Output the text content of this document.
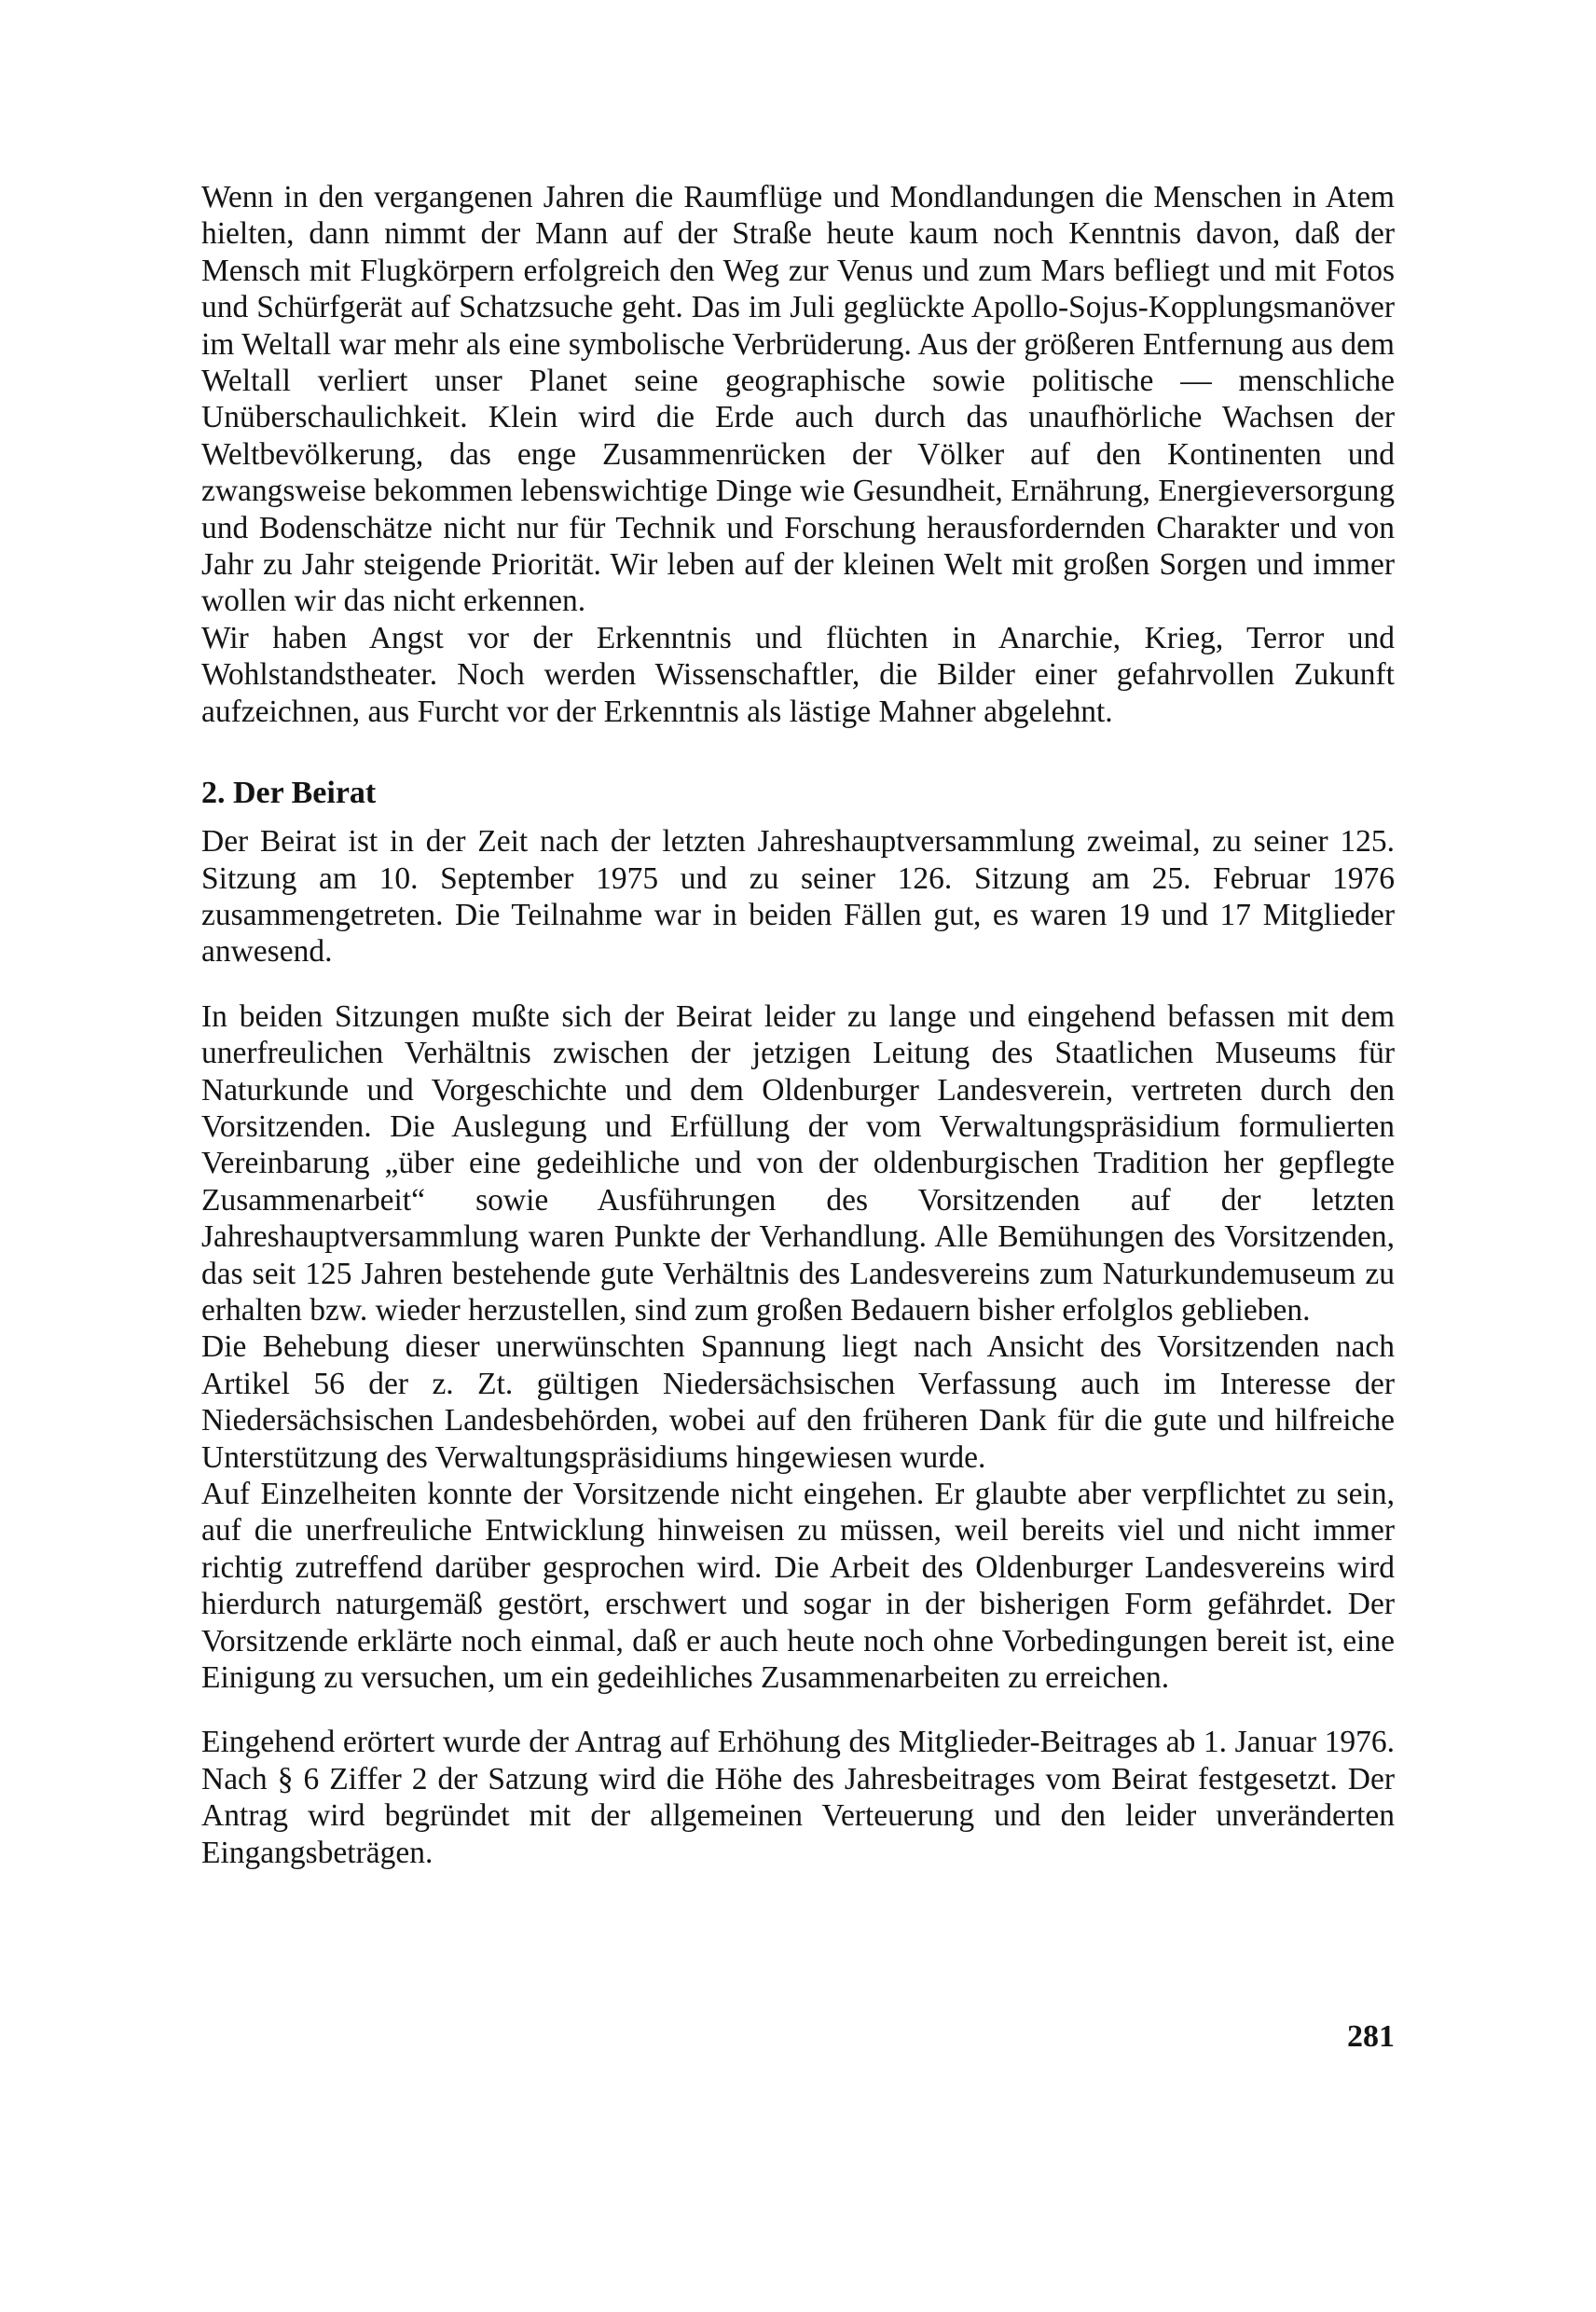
Wenn in den vergangenen Jahren die Raumflüge und Mondlandungen die Menschen in Atem hielten, dann nimmt der Mann auf der Straße heute kaum noch Kenntnis davon, daß der Mensch mit Flugkörpern erfolgreich den Weg zur Venus und zum Mars befliegt und mit Fotos und Schürfgerät auf Schatzsuche geht. Das im Juli geglückte Apollo-Sojus-Kopplungsmanöver im Weltall war mehr als eine symbolische Verbrüderung. Aus der größeren Entfernung aus dem Weltall verliert unser Planet seine geographische sowie politische — menschliche Unüberschaulichkeit. Klein wird die Erde auch durch das unaufhörliche Wachsen der Weltbevölkerung, das enge Zusammenrücken der Völker auf den Kontinenten und zwangsweise bekommen lebenswichtige Dinge wie Gesundheit, Ernährung, Energieversorgung und Bodenschätze nicht nur für Technik und Forschung herausfordernden Charakter und von Jahr zu Jahr steigende Priorität. Wir leben auf der kleinen Welt mit großen Sorgen und immer wollen wir das nicht erkennen.

Wir haben Angst vor der Erkenntnis und flüchten in Anarchie, Krieg, Terror und Wohlstandstheater. Noch werden Wissenschaftler, die Bilder einer gefahrvollen Zukunft aufzeichnen, aus Furcht vor der Erkenntnis als lästige Mahner abgelehnt.

2. Der Beirat

Der Beirat ist in der Zeit nach der letzten Jahreshauptversammlung zweimal, zu seiner 125. Sitzung am 10. September 1975 und zu seiner 126. Sitzung am 25. Februar 1976 zusammengetreten. Die Teilnahme war in beiden Fällen gut, es waren 19 und 17 Mitglieder anwesend.

In beiden Sitzungen mußte sich der Beirat leider zu lange und eingehend befassen mit dem unerfreulichen Verhältnis zwischen der jetzigen Leitung des Staatlichen Museums für Naturkunde und Vorgeschichte und dem Oldenburger Landesverein, vertreten durch den Vorsitzenden. Die Auslegung und Erfüllung der vom Verwaltungspräsidium formulierten Vereinbarung „über eine gedeihliche und von der oldenburgischen Tradition her gepflegte Zusammenarbeit“ sowie Ausführungen des Vorsitzenden auf der letzten Jahreshauptversammlung waren Punkte der Verhandlung. Alle Bemühungen des Vorsitzenden, das seit 125 Jahren bestehende gute Verhältnis des Landesvereins zum Naturkundemuseum zu erhalten bzw. wieder herzustellen, sind zum großen Bedauern bisher erfolglos geblieben.

Die Behebung dieser unerwünschten Spannung liegt nach Ansicht des Vorsitzenden nach Artikel 56 der z. Zt. gültigen Niedersächsischen Verfassung auch im Interesse der Niedersächsischen Landesbehörden, wobei auf den früheren Dank für die gute und hilfreiche Unterstützung des Verwaltungspräsidiums hingewiesen wurde.

Auf Einzelheiten konnte der Vorsitzende nicht eingehen. Er glaubte aber verpflichtet zu sein, auf die unerfreuliche Entwicklung hinweisen zu müssen, weil bereits viel und nicht immer richtig zutreffend darüber gesprochen wird. Die Arbeit des Oldenburger Landesvereins wird hierdurch naturgemäß gestört, erschwert und sogar in der bisherigen Form gefährdet. Der Vorsitzende erklärte noch einmal, daß er auch heute noch ohne Vorbedingungen bereit ist, eine Einigung zu versuchen, um ein gedeihliches Zusammenarbeiten zu erreichen.

Eingehend erörtert wurde der Antrag auf Erhöhung des Mitglieder-Beitrages ab 1. Januar 1976. Nach § 6 Ziffer 2 der Satzung wird die Höhe des Jahresbeitrages vom Beirat festgesetzt. Der Antrag wird begründet mit der allgemeinen Verteuerung und den leider unveränderten Eingangsbeträgen.

281
